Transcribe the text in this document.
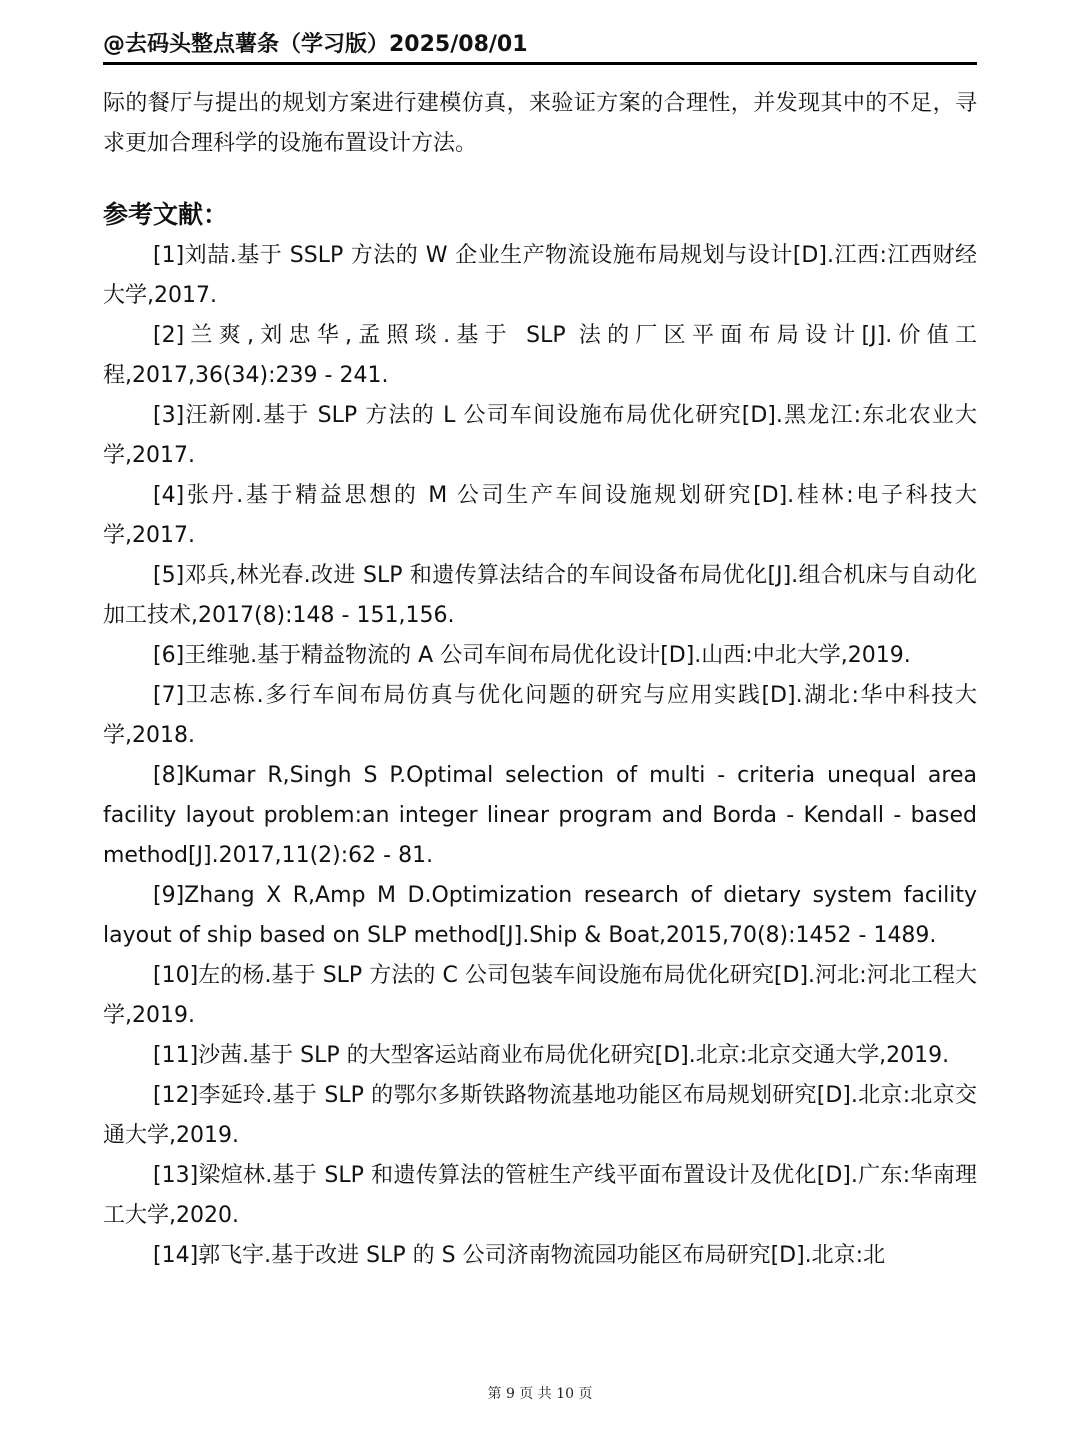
@去码头整点薯条（学习版）2025/08/01

际的餐厅与提出的规划方案进行建模仿真，来验证方案的合理性，并发现其中的不足，寻求更加合理科学的设施布置设计方法。

参考文献：
[1]刘喆.基于 SSLP 方法的 W 企业生产物流设施布局规划与设计[D].江西:江西财经大学,2017.
[2]兰爽,刘忠华,孟照琰.基于 SLP 法的厂区平面布局设计[J].价值工程,2017,36(34):239 - 241.
[3]汪新刚.基于 SLP 方法的 L 公司车间设施布局优化研究[D].黑龙江:东北农业大学,2017.
[4]张丹.基于精益思想的 M 公司生产车间设施规划研究[D].桂林:电子科技大学,2017.
[5]邓兵,林光春.改进 SLP 和遗传算法结合的车间设备布局优化[J].组合机床与自动化加工技术,2017(8):148 - 151,156.
[6]王维驰.基于精益物流的 A 公司车间布局优化设计[D].山西:中北大学,2019.
[7]卫志栋.多行车间布局仿真与优化问题的研究与应用实践[D].湖北:华中科技大学,2018.
[8]Kumar R,Singh S P.Optimal selection of multi - criteria unequal area facility layout problem:an integer linear program and Borda - Kendall - based method[J].2017,11(2):62 - 81.
[9]Zhang X R,Amp M D.Optimization research of dietary system facility layout of ship based on SLP method[J].Ship & Boat,2015,70(8):1452 - 1489.
[10]左的杨.基于 SLP 方法的 C 公司包装车间设施布局优化研究[D].河北:河北工程大学,2019.
[11]沙茜.基于 SLP 的大型客运站商业布局优化研究[D].北京:北京交通大学,2019.
[12]李延玲.基于 SLP 的鄂尔多斯铁路物流基地功能区布局规划研究[D].北京:北京交通大学,2019.
[13]梁煊林.基于 SLP 和遗传算法的管桩生产线平面布置设计及优化[D].广东:华南理工大学,2020.
[14]郭飞宇.基于改进 SLP 的 S 公司济南物流园功能区布局研究[D].北京:北
第 9 页 共 10 页
